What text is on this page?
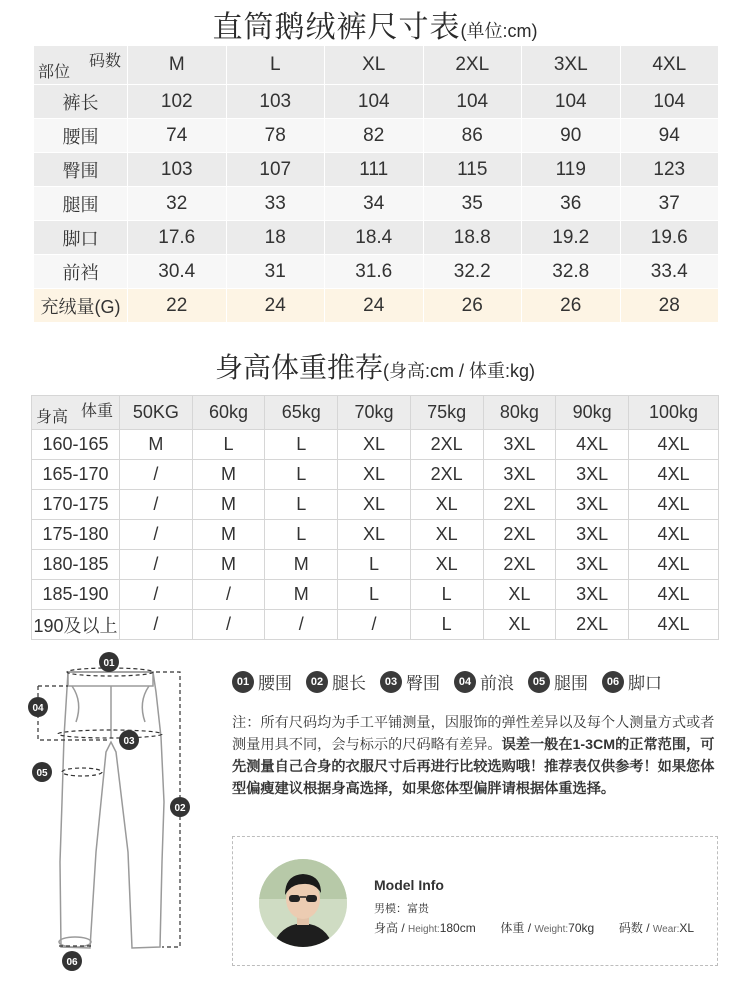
直筒鹅绒裤尺寸表(单位:cm)
码数
部位	M	L	XL	2XL	3XL	4XL
裤长	102	103	104	104	104	104
腰围	74	78	82	86	90	94
臀围	103	107	111	115	119	123
腿围	32	33	34	35	36	37
脚口	17.6	18	18.4	18.8	19.2	19.6
前裆	30.4	31	31.6	32.2	32.8	33.4
充绒量(G)	22	24	24	26	26	28
身高体重推荐(身高:cm / 体重:kg)
体重
身高	50KG	60kg	65kg	70kg	75kg	80kg	90kg	100kg
160-165	M	L	L	XL	2XL	3XL	4XL	4XL
165-170	/	M	L	XL	2XL	3XL	3XL	4XL
170-175	/	M	L	XL	XL	2XL	3XL	4XL
175-180	/	M	L	XL	XL	2XL	3XL	4XL
180-185	/	M	M	L	XL	2XL	3XL	4XL
185-190	/	/	M	L	L	XL	3XL	4XL
190及以上	/	/	/	/	L	XL	2XL	4XL
01
04
03
05
02
06
01 腰围	02 腿长	03 臀围	04 前浪	05 腿围	06 脚口
注：所有尺码均为手工平铺测量，因服饰的弹性差异以及每个人测量方式或者测量用具不同，会与标示的尺码略有差异。误差一般在1-3CM的正常范围，可先测量自己合身的衣服尺寸后再进行比较选购哦！推荐表仅供参考！如果您体型偏瘦建议根据身高选择，如果您体型偏胖请根据体重选择。
Model Info
男模：富贵
身高 / Height:180cm 体重 / Weight:70kg 码数 / Wear:XL
